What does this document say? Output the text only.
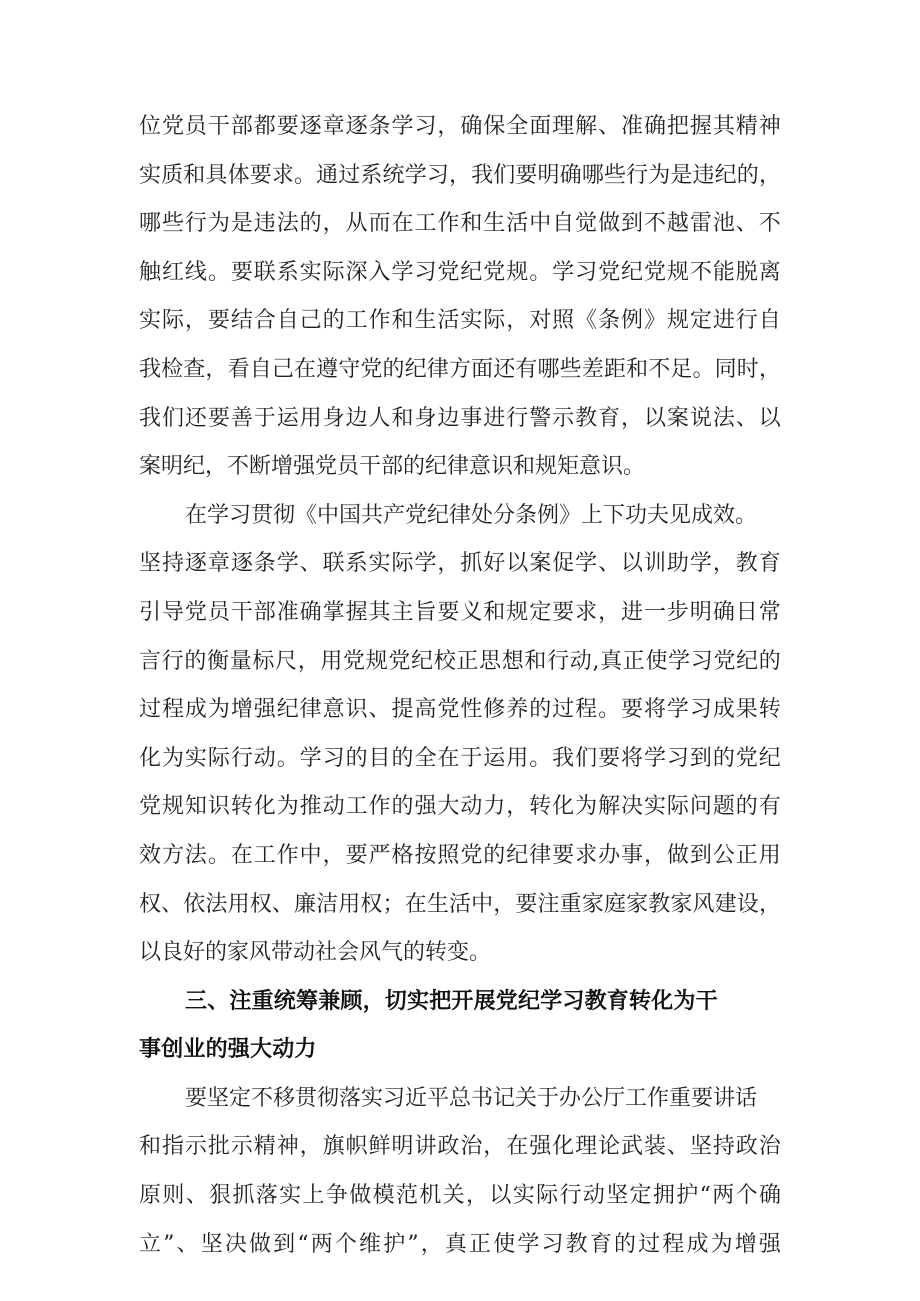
位 党 员 干 部 都 要 逐 章 逐 条 学 习 ， 确 保 全 面 理 解 、 准 确 把 握 其 精 神
实 质 和 具 体 要 求 。 通 过 系 统 学 习 ， 我 们 要 明 确 哪 些 行 为 是 违 纪 的 ，
哪 些 行 为 是 违 法 的 ， 从 而 在 工 作 和 生 活 中 自 觉 做 到 不 越 雷 池 、 不
触 红 线 。 要 联 系 实 际 深 入 学 习 党 纪 党 规 。 学 习 党 纪 党 规 不 能 脱 离
实 际 ， 要 结 合 自 己 的 工 作 和 生 活 实 际 ， 对 照 《 条 例 》 规 定 进 行 自
我 检 查 ， 看 自 己 在 遵 守 党 的 纪 律 方 面 还 有 哪 些 差 距 和 不 足 。 同 时 ，
我 们 还 要 善 于 运 用 身 边 人 和 身 边 事 进 行 警 示 教 育 ， 以 案 说 法 、 以
案明纪，不断增强党员干部的纪律意识和规矩意识。
在学习贯彻《中国共产党纪律处分条例》上下功夫见成效。
坚 持 逐 章 逐 条 学 、 联 系 实 际 学 ， 抓 好 以 案 促 学 、 以 训 助 学 ， 教 育
引 导 党 员 干 部 准 确 掌 握 其 主 旨 要 义 和 规 定 要 求 ， 进 一 步 明 确 日 常
言 行 的 衡 量 标 尺 ， 用 党 规 党 纪 校 正 思 想 和 行 动 , 真 正 使 学 习 党 纪 的
过 程 成 为 增 强 纪 律 意 识 、 提 高 党 性 修 养 的 过 程 。 要 将 学 习 成 果 转
化 为 实 际 行 动 。 学 习 的 目 的 全 在 于 运 用 。 我 们 要 将 学 习 到 的 党 纪
党 规 知 识 转 化 为 推 动 工 作 的 强 大 动 力 ， 转 化 为 解 决 实 际 问 题 的 有
效 方 法 。 在 工 作 中 ， 要 严 格 按 照 党 的 纪 律 要 求 办 事 ， 做 到 公 正 用
权 、 依 法 用 权 、 廉 洁 用 权 ； 在 生 活 中 ， 要 注 重 家 庭 家 教 家 风 建 设 ，
以良好的家风带动社会风气的转变。
三、注重统筹兼顾，切实把开展党纪学习教育转化为干
事创业的强大动力
要坚定不移贯彻落实习近平总书记关于办公厅工作重要讲话
和 指 示 批 示 精 神 ， 旗 帜 鲜 明 讲 政 治 ， 在 强 化 理 论 武 装 、 坚 持 政 治
原 则 、 狠 抓 落 实 上 争 做 模 范 机 关 ， 以 实 际 行 动 坚 定 拥 护 “ 两 个 确
立 ” 、 坚 决 做 到 “ 两 个 维 护 ” ， 真 正 使 学 习 教 育 的 过 程 成 为 增 强
